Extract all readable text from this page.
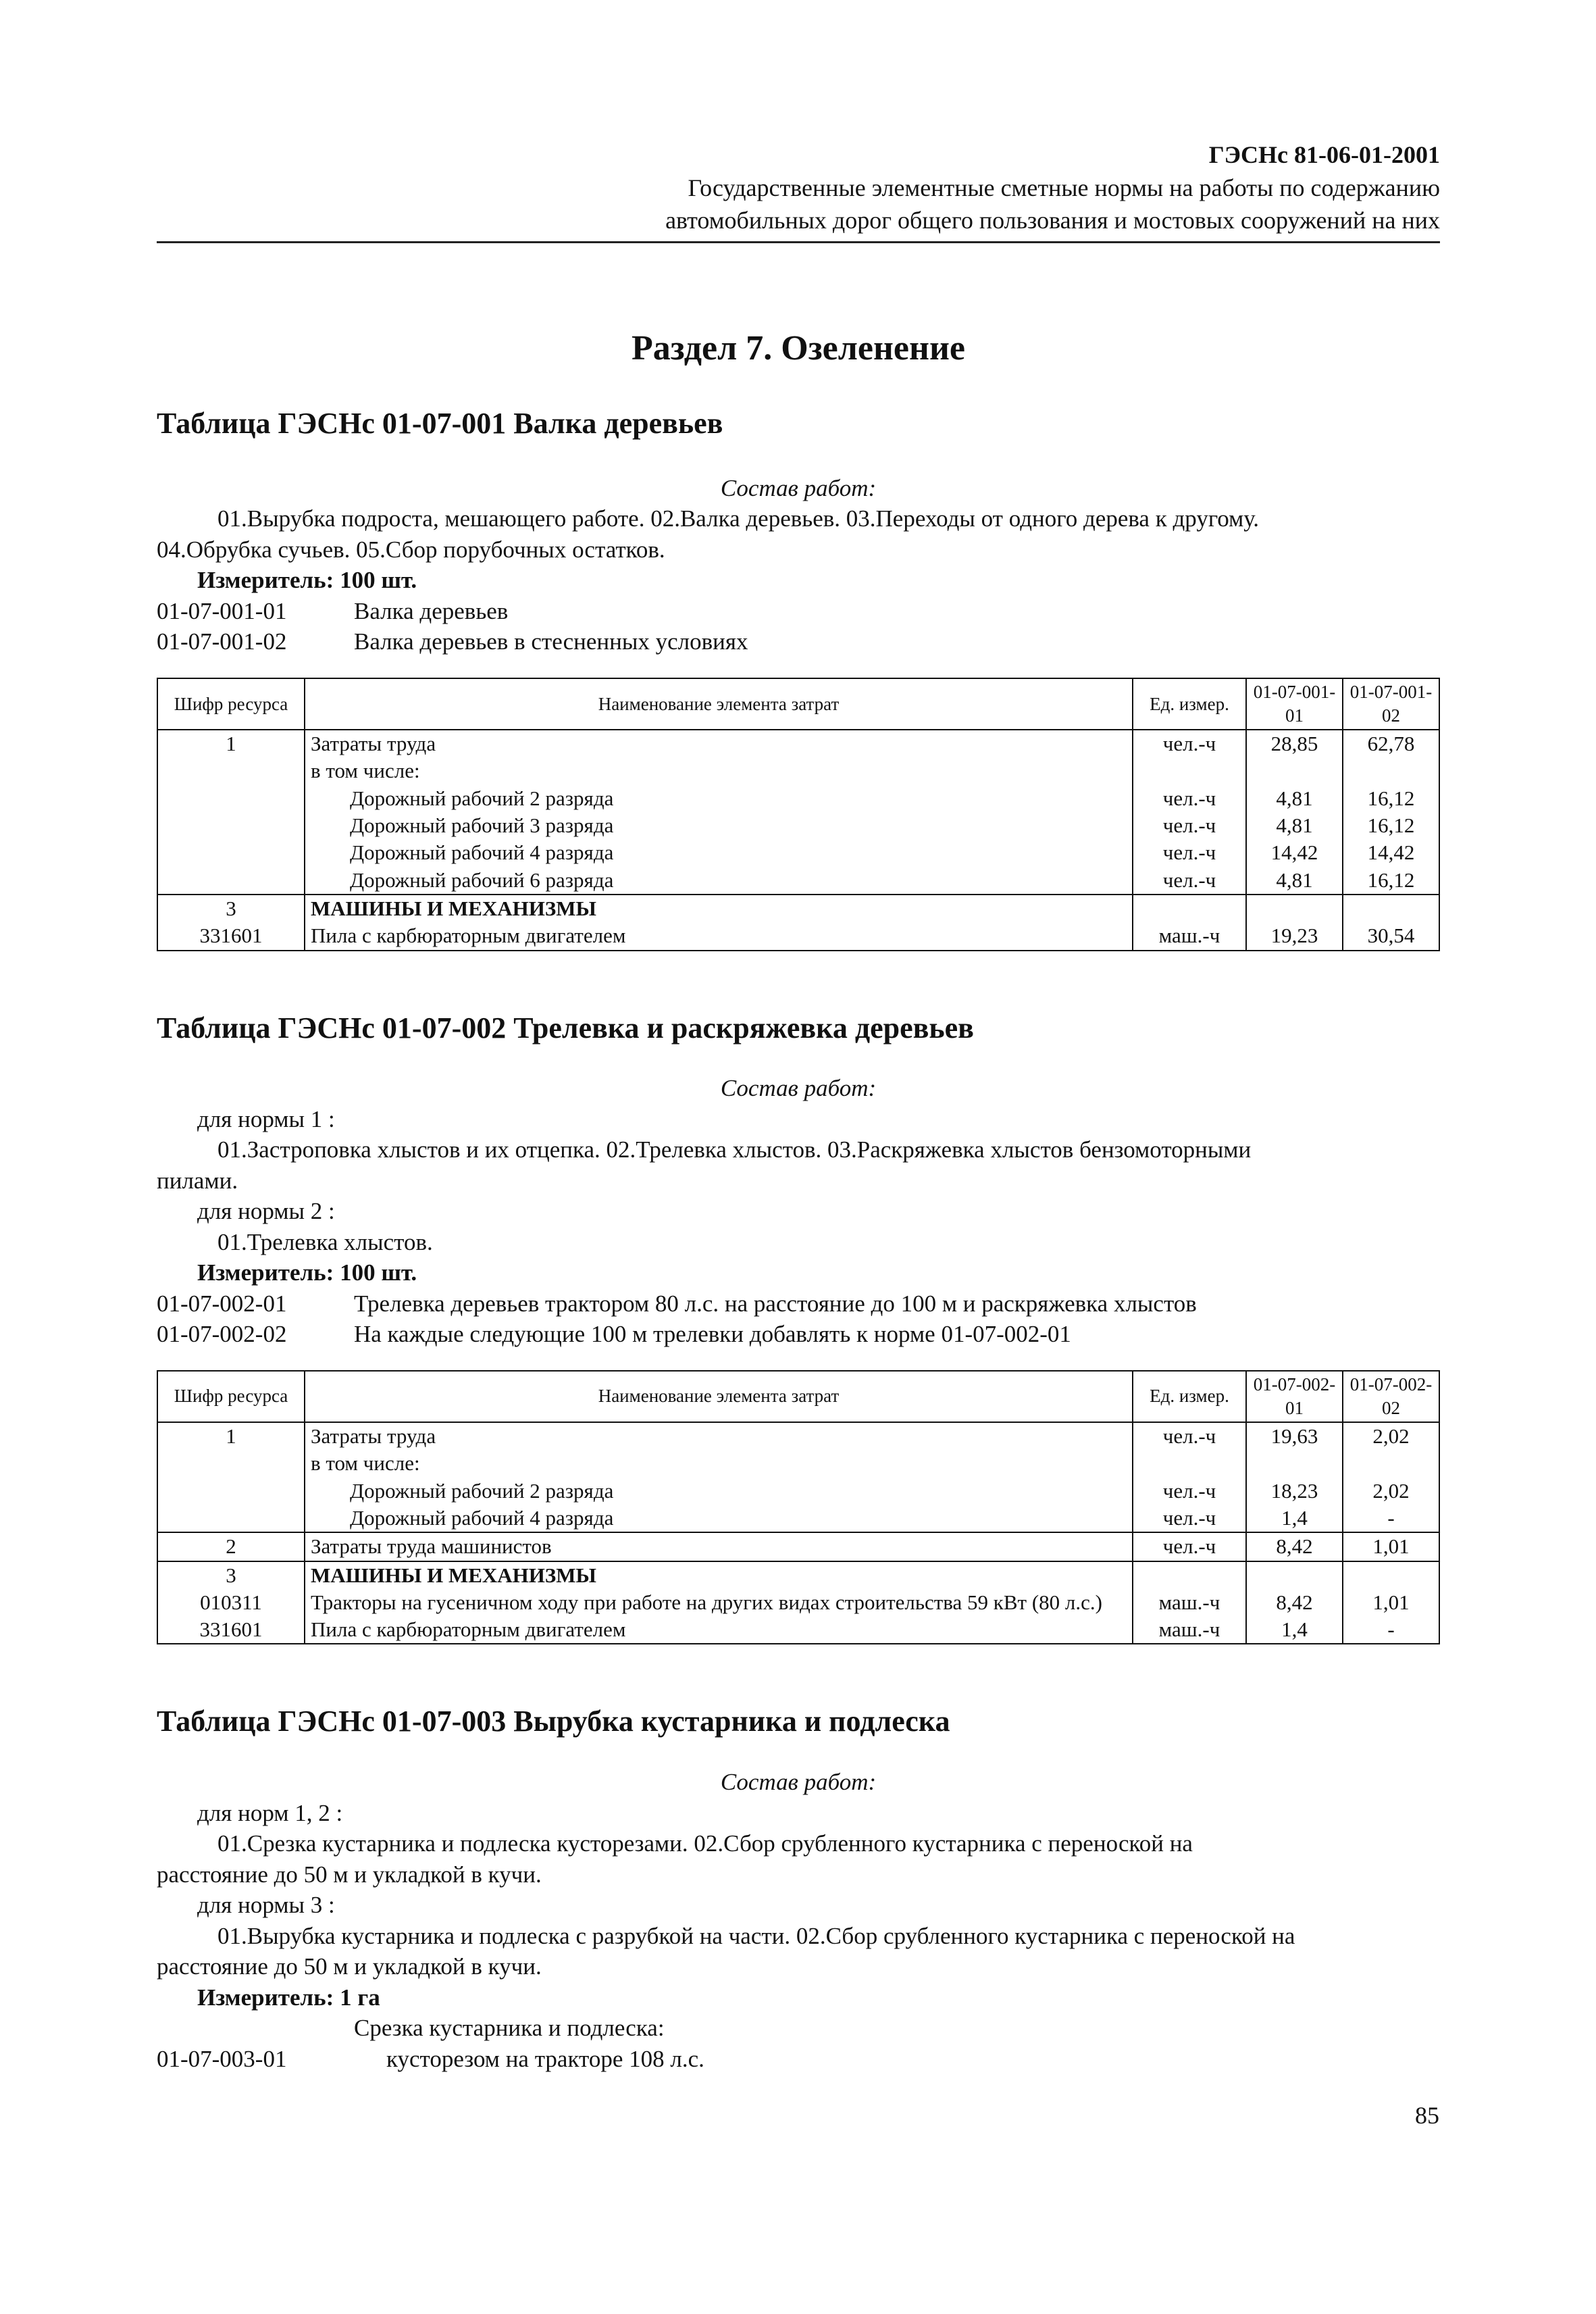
ГЭСНс 81-06-01-2001
Государственные элементные сметные нормы на работы по содержанию
автомобильных дорог общего пользования и мостовых сооружений на них
Раздел 7. Озеленение
Таблица ГЭСНс 01-07-001 Валка деревьев
Состав работ:

01.Вырубка подроста, мешающего работе. 02.Валка деревьев. 03.Переходы от одного дерева к другому.

04.Обрубка сучьев. 05.Сбор порубочных остатков.

Измеритель: 100 шт.
01-07-001-01	Валка деревьев
01-07-001-02	Валка деревьев в стесненных условиях
Шифр ресурса	Наименование элемента затрат	Ед. измер.	01-07-001-01	01-07-001-02
1	Затраты труда	чел.-ч	28,85	62,78
	в том числе:			
	Дорожный рабочий 2 разряда	чел.-ч	4,81	16,12
	Дорожный рабочий 3 разряда	чел.-ч	4,81	16,12
	Дорожный рабочий 4 разряда	чел.-ч	14,42	14,42
	Дорожный рабочий 6 разряда	чел.-ч	4,81	16,12
3	МАШИНЫ И МЕХАНИЗМЫ			
331601	Пила с карбюраторным двигателем	маш.-ч	19,23	30,54
Таблица ГЭСНс 01-07-002 Трелевка и раскряжевка деревьев
Состав работ:
для нормы 1 :

01.Застроповка хлыстов и их отцепка. 02.Трелевка хлыстов. 03.Раскряжевка хлыстов бензомоторными

пилами.

для нормы 2 :

01.Трелевка хлыстов.

Измеритель: 100 шт.
01-07-002-01	Трелевка деревьев трактором 80 л.с. на расстояние до 100 м и раскряжевка хлыстов
01-07-002-02	На каждые следующие 100 м трелевки добавлять к норме 01-07-002-01
Шифр ресурса	Наименование элемента затрат	Ед. измер.	01-07-002-01	01-07-002-02
1	Затраты труда	чел.-ч	19,63	2,02
	в том числе:			
	Дорожный рабочий 2 разряда	чел.-ч	18,23	2,02
	Дорожный рабочий 4 разряда	чел.-ч	1,4	-
2	Затраты труда машинистов	чел.-ч	8,42	1,01
3	МАШИНЫ И МЕХАНИЗМЫ			
010311	Тракторы на гусеничном ходу при работе на других видах строительства 59 кВт (80 л.с.)	маш.-ч	8,42	1,01
331601	Пила с карбюраторным двигателем	маш.-ч	1,4	-
Таблица ГЭСНс 01-07-003 Вырубка кустарника и подлеска
Состав работ:
для норм 1, 2 :

01.Срезка кустарника и подлеска кусторезами. 02.Сбор срубленного кустарника с переноской на

расстояние до 50 м и укладкой в кучи.

для нормы 3 :

01.Вырубка кустарника и подлеска с разрубкой на части. 02.Сбор срубленного кустарника с переноской на

расстояние до 50 м и укладкой в кучи.

Измеритель: 1 га
Срезка кустарника и подлеска:
01-07-003-01	кусторезом на тракторе 108 л.с.
85
